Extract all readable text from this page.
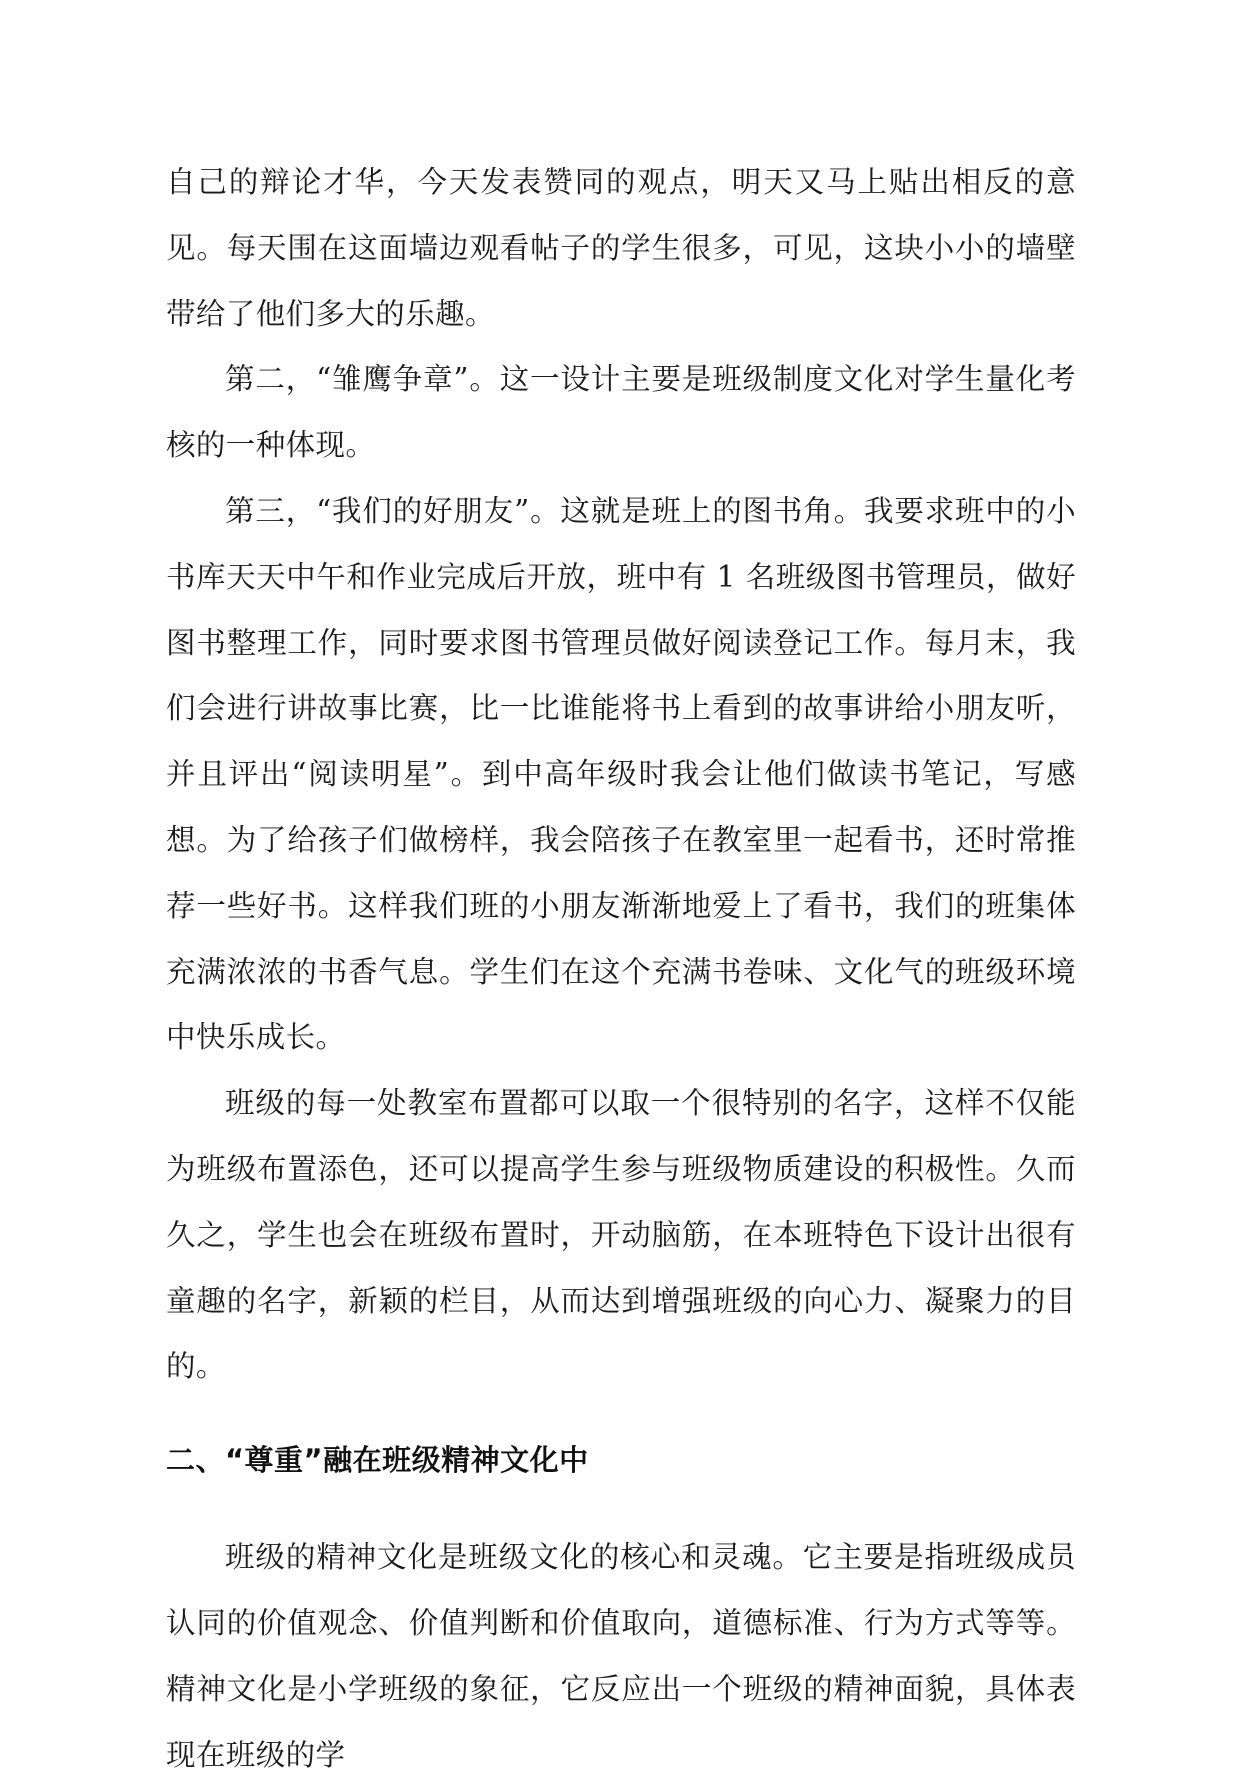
自己的辩论才华，今天发表赞同的观点，明天又马上贴出相反的意见。每天围在这面墙边观看帖子的学生很多，可见，这块小小的墙壁带给了他们多大的乐趣。

第二，“雏鹰争章”。这一设计主要是班级制度文化对学生量化考核的一种体现。

第三，“我们的好朋友”。这就是班上的图书角。我要求班中的小书库天天中午和作业完成后开放，班中有 1 名班级图书管理员，做好图书整理工作，同时要求图书管理员做好阅读登记工作。每月末，我们会进行讲故事比赛，比一比谁能将书上看到的故事讲给小朋友听，并且评出“阅读明星”。到中高年级时我会让他们做读书笔记，写感想。为了给孩子们做榜样，我会陪孩子在教室里一起看书，还时常推荐一些好书。这样我们班的小朋友渐渐地爱上了看书，我们的班集体充满浓浓的书香气息。学生们在这个充满书卷味、文化气的班级环境中快乐成长。

班级的每一处教室布置都可以取一个很特别的名字，这样不仅能为班级布置添色，还可以提高学生参与班级物质建设的积极性。久而久之，学生也会在班级布置时，开动脑筋，在本班特色下设计出很有童趣的名字，新颖的栏目，从而达到增强班级的向心力、凝聚力的目的。

二、“尊重”融在班级精神文化中

班级的精神文化是班级文化的核心和灵魂。它主要是指班级成员认同的价值观念、价值判断和价值取向，道德标准、行为方式等等。精神文化是小学班级的象征，它反应出一个班级的精神面貌，具体表现在班级的学
